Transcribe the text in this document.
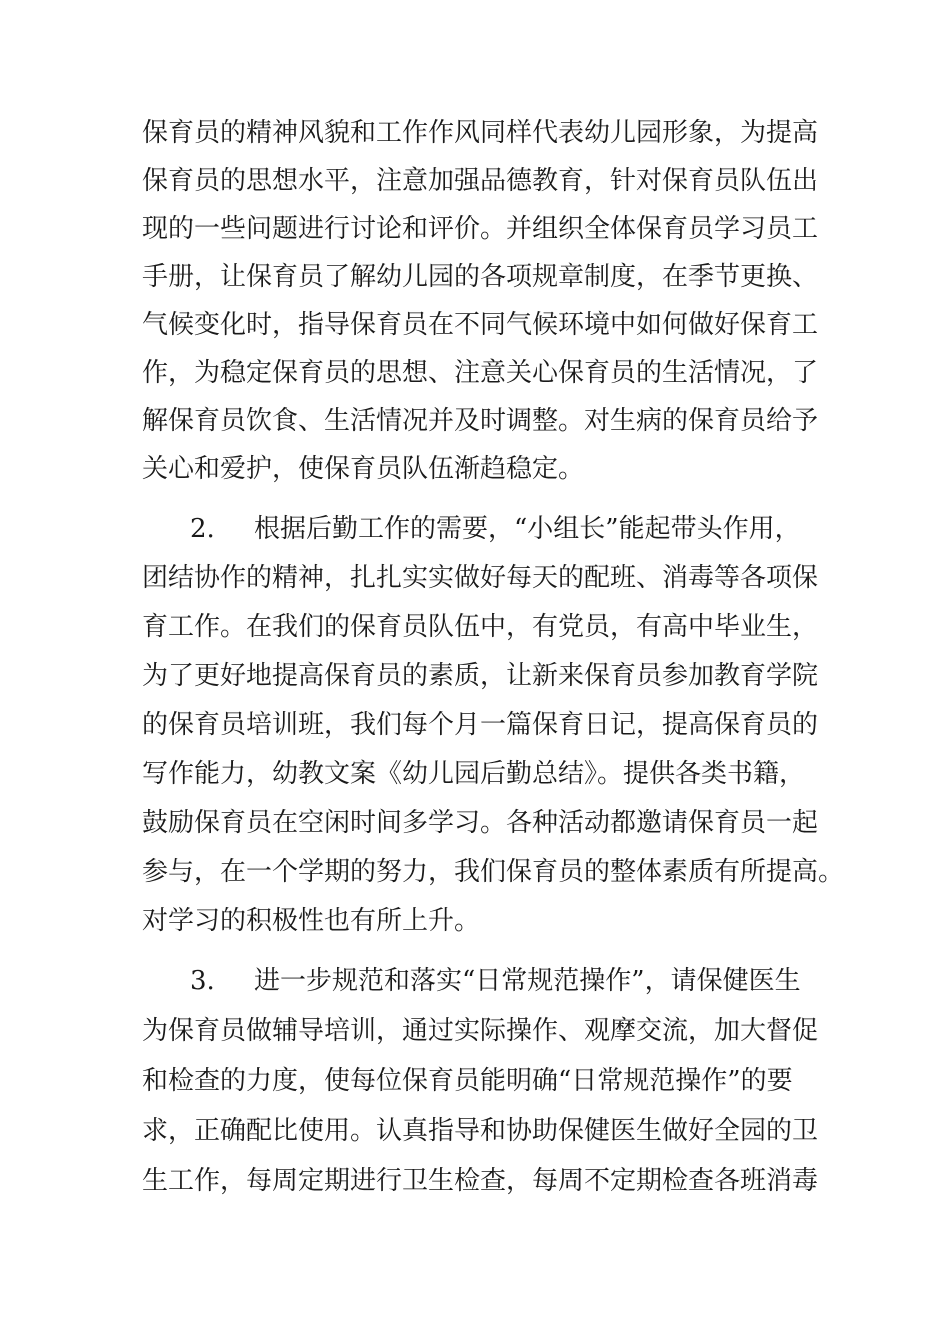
保育员的精神风貌和工作作风同样代表幼儿园形象，为提高
保育员的思想水平，注意加强品德教育，针对保育员队伍出
现的一些问题进行讨论和评价。并组织全体保育员学习员工
手册，让保育员了解幼儿园的各项规章制度，在季节更换、
气候变化时，指导保育员在不同气候环境中如何做好保育工
作，为稳定保育员的思想、注意关心保育员的生活情况，了
解保育员饮食、生活情况并及时调整。对生病的保育员给予
关心和爱护，使保育员队伍渐趋稳定。
2. 根据后勤工作的需要，“小组长”能起带头作用，
团结协作的精神，扎扎实实做好每天的配班、消毒等各项保
育工作。在我们的保育员队伍中，有党员，有高中毕业生，
为了更好地提高保育员的素质，让新来保育员参加教育学院
的保育员培训班，我们每个月一篇保育日记，提高保育员的
写作能力，幼教文案《幼儿园后勤总结》。提供各类书籍，
鼓励保育员在空闲时间多学习。各种活动都邀请保育员一起
参与，在一个学期的努力，我们保育员的整体素质有所提高。
对学习的积极性也有所上升。
3. 进一步规范和落实“日常规范操作”，请保健医生
为保育员做辅导培训，通过实际操作、观摩交流，加大督促
和检查的力度，使每位保育员能明确“日常规范操作”的要
求，正确配比使用。认真指导和协助保健医生做好全园的卫
生工作，每周定期进行卫生检查，每周不定期检查各班消毒
